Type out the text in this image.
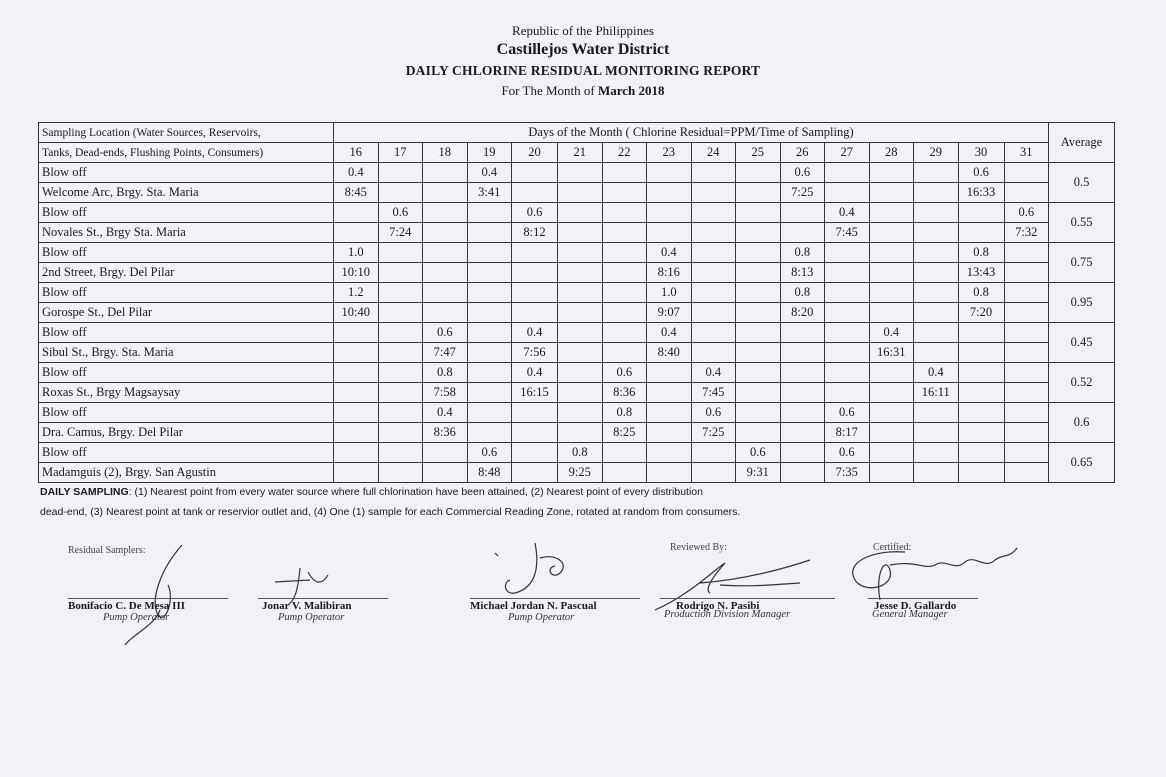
Republic of the Philippines
Castillejos Water District
DAILY CHLORINE RESIDUAL MONITORING REPORT
For The Month of March 2018
Sampling Location (Water Sources, Reservoirs,	Days of the Month ( Chlorine Residual=PPM/Time of Sampling)																Average
Tanks, Dead-ends, Flushing Points, Consumers)	16	17	18	19	20	21	22	23	24	25	26	27	28	29	30	31	
Blow off	0.4			0.4							0.6				0.6		0.5
Welcome Arc, Brgy. Sta. Maria	8:45			3:41							7:25				16:33		
Blow off		0.6			0.6							0.4				0.6	0.55
Novales St., Brgy Sta. Maria		7:24			8:12							7:45				7:32	
Blow off	1.0							0.4			0.8				0.8		0.75
2nd Street, Brgy. Del Pilar	10:10							8:16			8:13				13:43		
Blow off	1.2							1.0			0.8				0.8		0.95
Gorospe St., Del Pilar	10:40							9:07			8:20				7:20		
Blow off			0.6		0.4			0.4					0.4				0.45
Sibul St., Brgy. Sta. Maria			7:47		7:56			8:40					16:31				
Blow off			0.8		0.4		0.6		0.4					0.4			0.52
Roxas St., Brgy Magsaysay			7:58		16:15		8:36		7:45					16:11			
Blow off			0.4				0.8		0.6			0.6					0.6
Dra. Camus, Brgy. Del Pilar			8:36				8:25		7:25			8:17					
Blow off				0.6		0.8				0.6		0.6					0.65
Madamguis (2), Brgy. San Agustin				8:48		9:25				9:31		7:35					
DAILY SAMPLING: (1) Nearest point from every water source where full chlorination have been attained, (2) Nearest point of every distribution
dead-end, (3) Nearest point at tank or reservior outlet and, (4) One (1) sample for each Commercial Reading Zone, rotated at random from consumers.
Residual Samplers:	Reviewed By:	Certified:
Bonifacio C. De Mesa III
Pump Operator
Jonar V. Malibiran
Pump Operator
Michael Jordan N. Pascual
Pump Operator
Rodrigo N. Pasibi
Production Division Manager
Jesse D. Gallardo
General Manager
